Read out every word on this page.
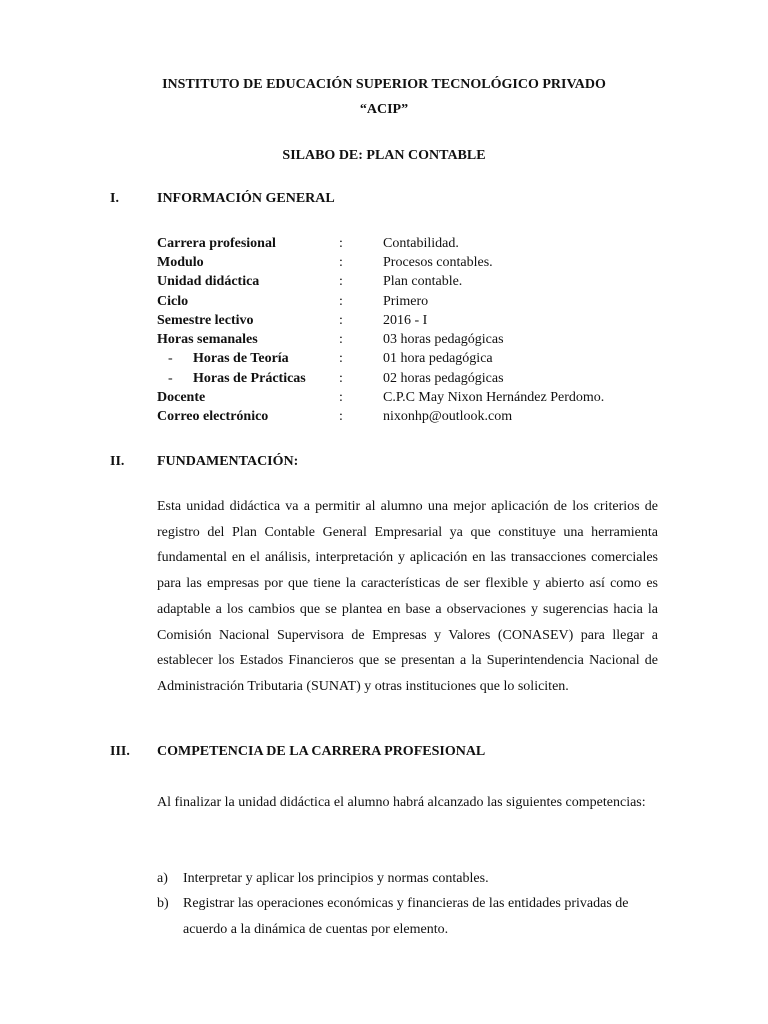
INSTITUTO DE EDUCACIÓN SUPERIOR TECNOLÓGICO PRIVADO
“ACIP”
SILABO DE: PLAN CONTABLE
I.	INFORMACIÓN GENERAL
Carrera profesional	:	Contabilidad.
Modulo	:	Procesos contables.
Unidad didáctica	:	Plan contable.
Ciclo	:	Primero
Semestre lectivo	:	2016 - I
Horas semanales	:	03 horas pedagógicas
- Horas de Teoría	:	01 hora pedagógica
- Horas de Prácticas :	02 horas pedagógicas
Docente	:	C.P.C May Nixon Hernández Perdomo.
Correo electrónico	:	nixonhp@outlook.com
II. FUNDAMENTACIÓN:
Esta unidad didáctica va a permitir al alumno una mejor aplicación de los criterios de registro del Plan Contable General Empresarial ya que constituye una herramienta fundamental en el análisis, interpretación y aplicación en las transacciones comerciales para las empresas por que tiene la características de ser flexible y abierto así como es adaptable a los cambios que se plantea en base a observaciones y sugerencias hacia la Comisión Nacional Supervisora de Empresas y Valores (CONASEV) para llegar a establecer los Estados Financieros que se presentan a la Superintendencia Nacional de Administración Tributaria (SUNAT) y otras instituciones que lo soliciten.
III. COMPETENCIA DE LA CARRERA PROFESIONAL
Al finalizar la unidad didáctica el alumno habrá alcanzado las siguientes competencias:
a) Interpretar y aplicar los principios y normas contables.
b) Registrar las operaciones económicas y financieras de las entidades privadas de acuerdo a la dinámica de cuentas por elemento.
